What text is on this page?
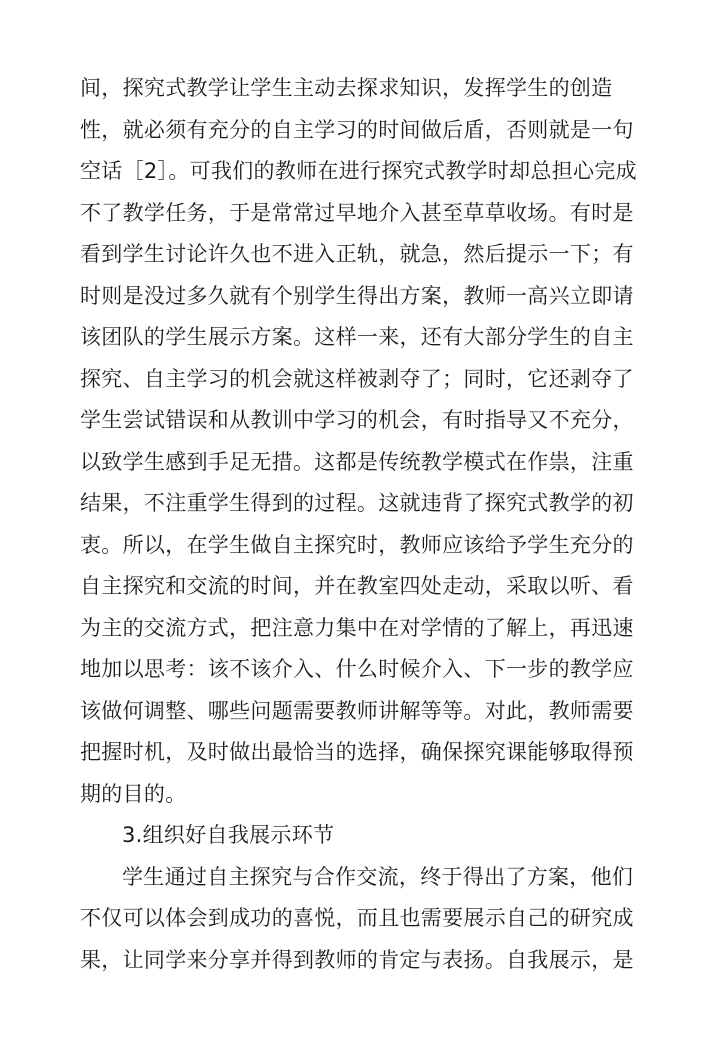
间，探究式教学让学生主动去探求知识，发挥学生的创造
性，就必须有充分的自主学习的时间做后盾，否则就是一句
空话［2］。可我们的教师在进行探究式教学时却总担心完成
不了教学任务，于是常常过早地介入甚至草草收场。有时是
看到学生讨论许久也不进入正轨，就急，然后提示一下；有
时则是没过多久就有个别学生得出方案，教师一高兴立即请
该团队的学生展示方案。这样一来，还有大部分学生的自主
探究、自主学习的机会就这样被剥夺了；同时，它还剥夺了
学生尝试错误和从教训中学习的机会，有时指导又不充分，
以致学生感到手足无措。这都是传统教学模式在作祟，注重
结果，不注重学生得到的过程。这就违背了探究式教学的初
衷。所以，在学生做自主探究时，教师应该给予学生充分的
自主探究和交流的时间，并在教室四处走动，采取以听、看
为主的交流方式，把注意力集中在对学情的了解上，再迅速
地加以思考：该不该介入、什么时候介入、下一步的教学应
该做何调整、哪些问题需要教师讲解等等。对此，教师需要
把握时机，及时做出最恰当的选择，确保探究课能够取得预
期的目的。
3.组织好自我展示环节
学生通过自主探究与合作交流，终于得出了方案，他们
不仅可以体会到成功的喜悦，而且也需要展示自己的研究成
果，让同学来分享并得到教师的肯定与表扬。自我展示，是
